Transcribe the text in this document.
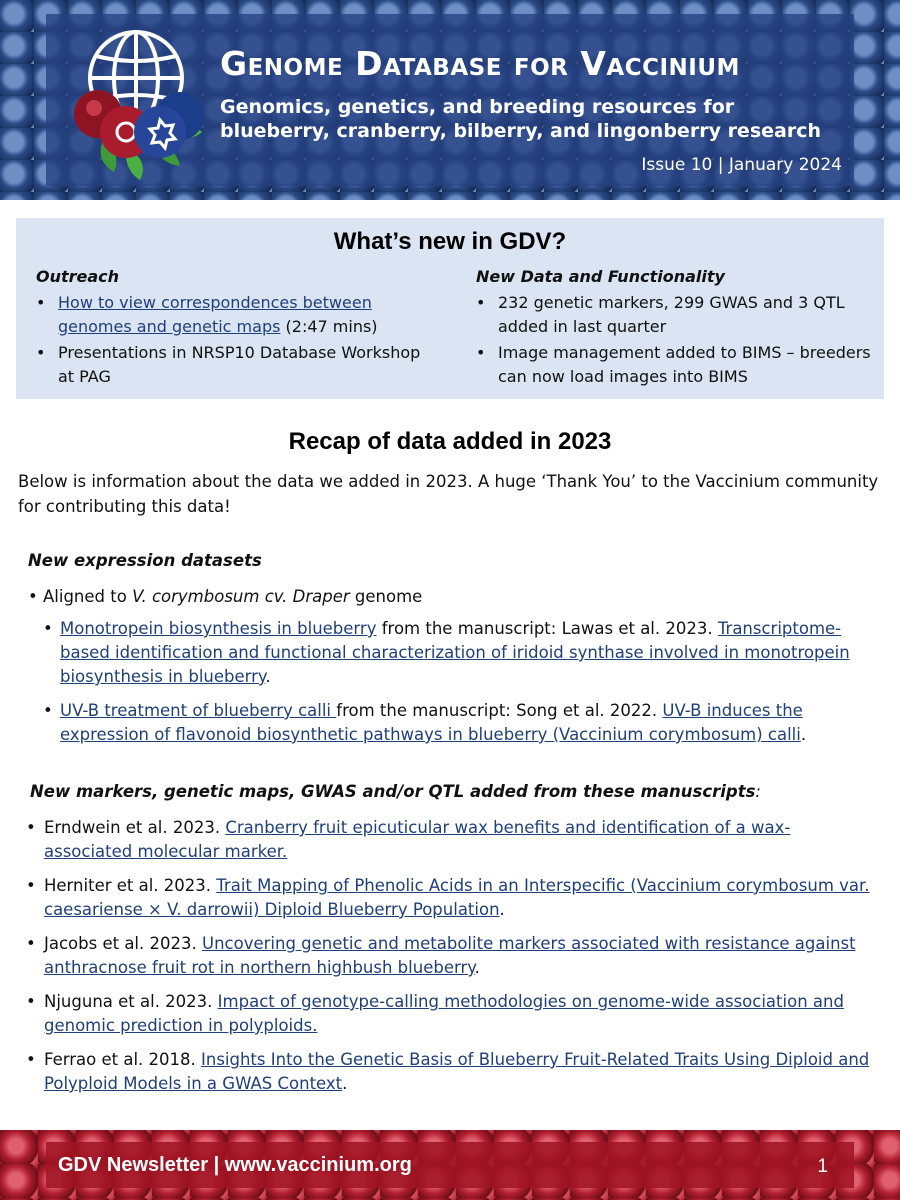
Genome Database for Vaccinium

Genomics, genetics, and breeding resources for blueberry, cranberry, bilberry, and lingonberry research

Issue 10 | January 2024
What’s new in GDV?

Outreach

• How to view correspondences between genomes and genetic maps (2:47 mins)
• Presentations in NRSP10 Database Workshop at PAG

New Data and Functionality

• 232 genetic markers, 299 GWAS and 3 QTL added in last quarter
• Image management added to BIMS – breeders can now load images into BIMS
Recap of data added in 2023

Below is information about the data we added in 2023. A huge ‘Thank You’ to the Vaccinium community for contributing this data!

New expression datasets

• Aligned to V. corymbosum cv. Draper genome
• Monotropein biosynthesis in blueberry from the manuscript: Lawas et al. 2023. Transcriptome-based identification and functional characterization of iridoid synthase involved in monotropein biosynthesis in blueberry.
• UV-B treatment of blueberry calli from the manuscript: Song et al. 2022. UV-B induces the expression of flavonoid biosynthetic pathways in blueberry (Vaccinium corymbosum) calli.

New markers, genetic maps, GWAS and/or QTL added from these manuscripts:

• Erndwein et al. 2023. Cranberry fruit epicuticular wax benefits and identification of a wax-associated molecular marker.
• Herniter et al. 2023. Trait Mapping of Phenolic Acids in an Interspecific (Vaccinium corymbosum var. caesariense × V. darrowii) Diploid Blueberry Population.
• Jacobs et al. 2023. Uncovering genetic and metabolite markers associated with resistance against anthracnose fruit rot in northern highbush blueberry.
• Njuguna et al. 2023. Impact of genotype-calling methodologies on genome-wide association and genomic prediction in polyploids.
• Ferrao et al. 2018. Insights Into the Genetic Basis of Blueberry Fruit-Related Traits Using Diploid and Polyploid Models in a GWAS Context.
GDV Newsletter | www.vaccinium.org	1
